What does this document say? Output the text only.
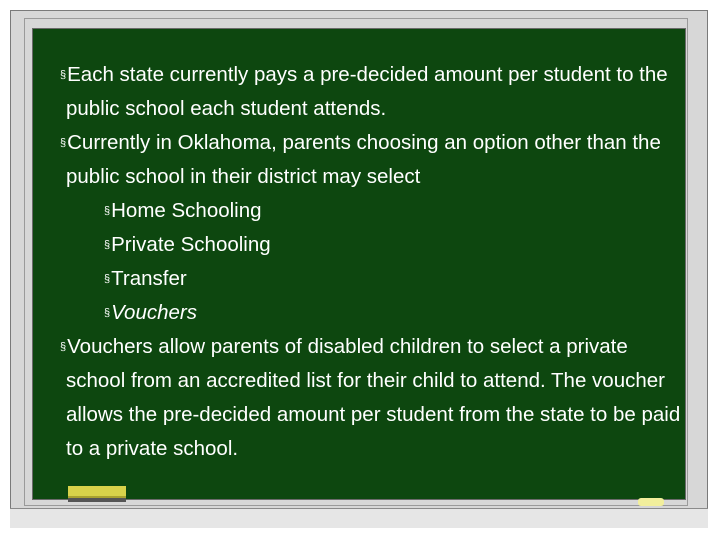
§Each state currently pays a pre-decided amount per student to the public school each student attends.

§Currently in Oklahoma, parents choosing an option other than the public school in their district may select

§Home Schooling

§Private Schooling

§Transfer

§Vouchers

§Vouchers allow parents of disabled children to select a private school from an accredited list for their child to attend. The voucher allows the pre-decided amount per student from the state to be paid to a private school.
